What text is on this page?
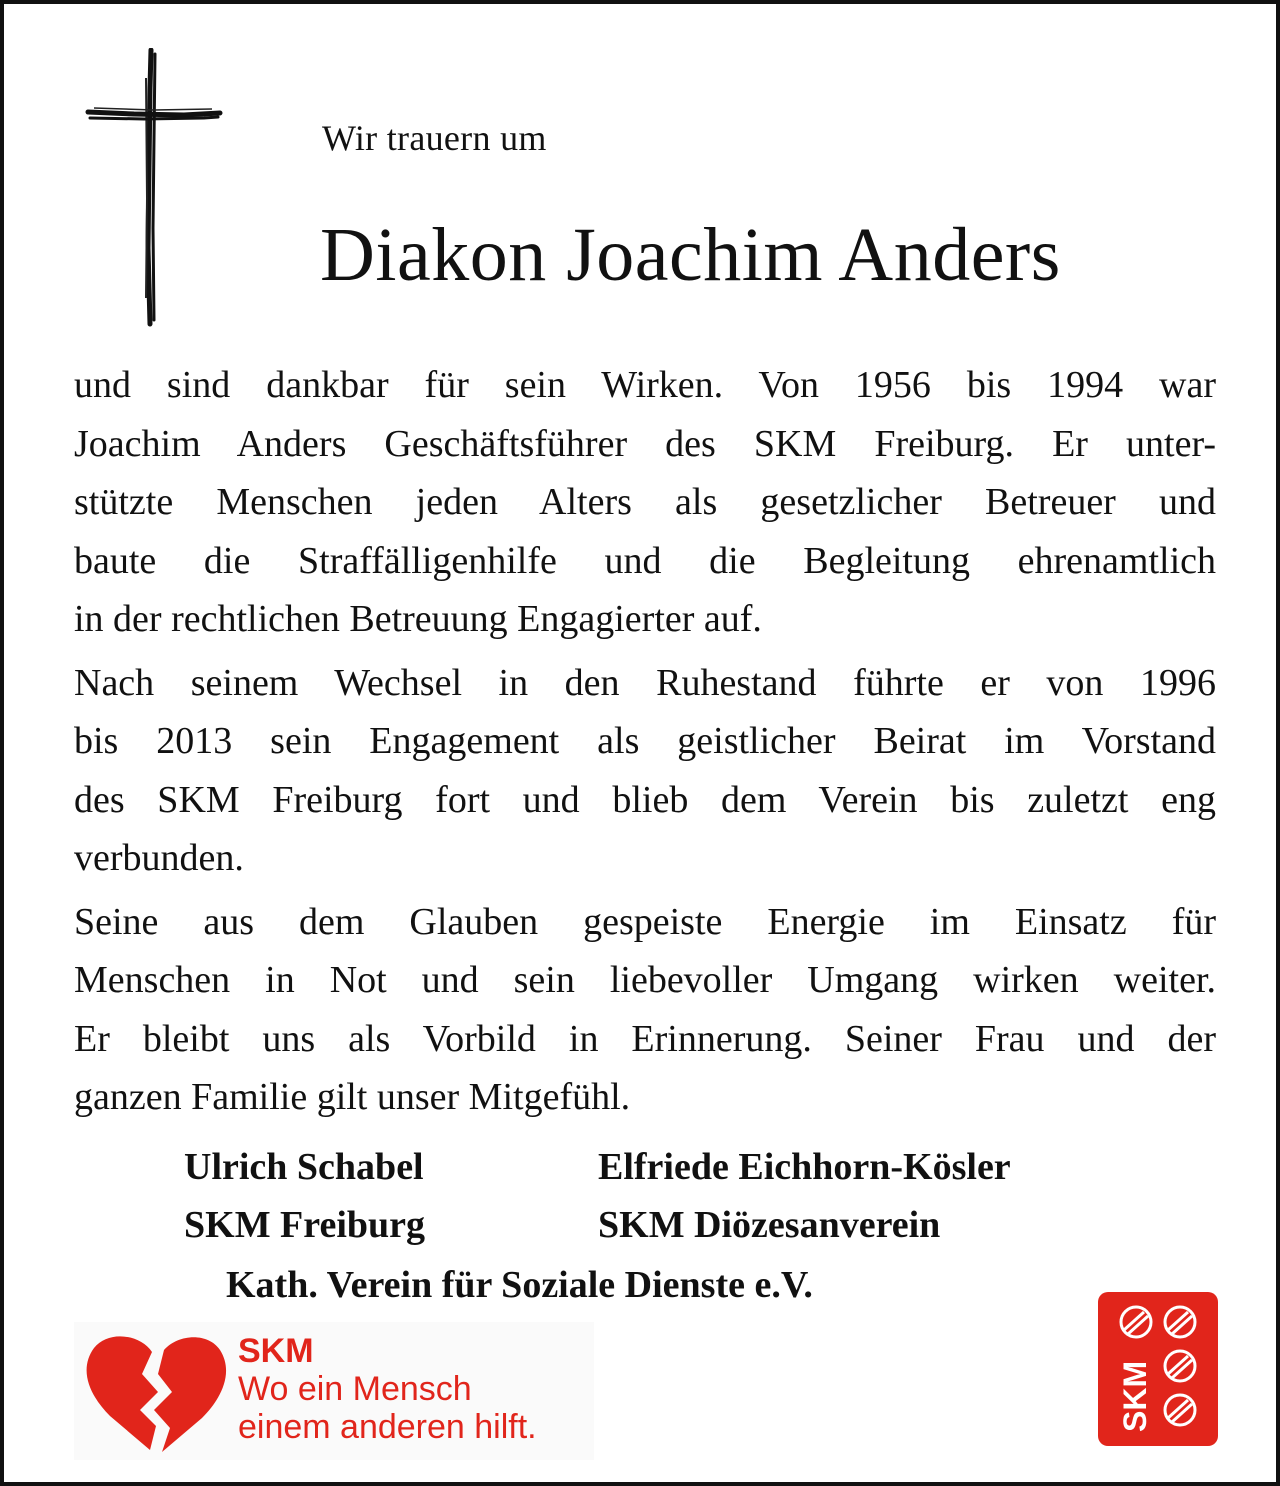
Wir trauern um
Diakon Joachim Anders

und sind dankbar für sein Wirken. Von 1956 bis 1994 war
Joachim Anders Geschäftsführer des SKM Freiburg. Er unter-
stützte Menschen jeden Alters als gesetzlicher Betreuer und
baute die Straffälligenhilfe und die Begleitung ehrenamtlich
in der rechtlichen Betreuung Engagierter auf.

Nach seinem Wechsel in den Ruhestand führte er von 1996
bis 2013 sein Engagement als geistlicher Beirat im Vorstand
des SKM Freiburg fort und blieb dem Verein bis zuletzt eng
verbunden.

Seine aus dem Glauben gespeiste Energie im Einsatz für
Menschen in Not und sein liebevoller Umgang wirken weiter.
Er bleibt uns als Vorbild in Erinnerung. Seiner Frau und der
ganzen Familie gilt unser Mitgefühl.

Ulrich Schabel
SKM Freiburg
Elfriede Eichhorn-Kösler
SKM Diözesanverein
Kath. Verein für Soziale Dienste e.V.
SKM
Wo ein Mensch
einem anderen hilft.	SKM
